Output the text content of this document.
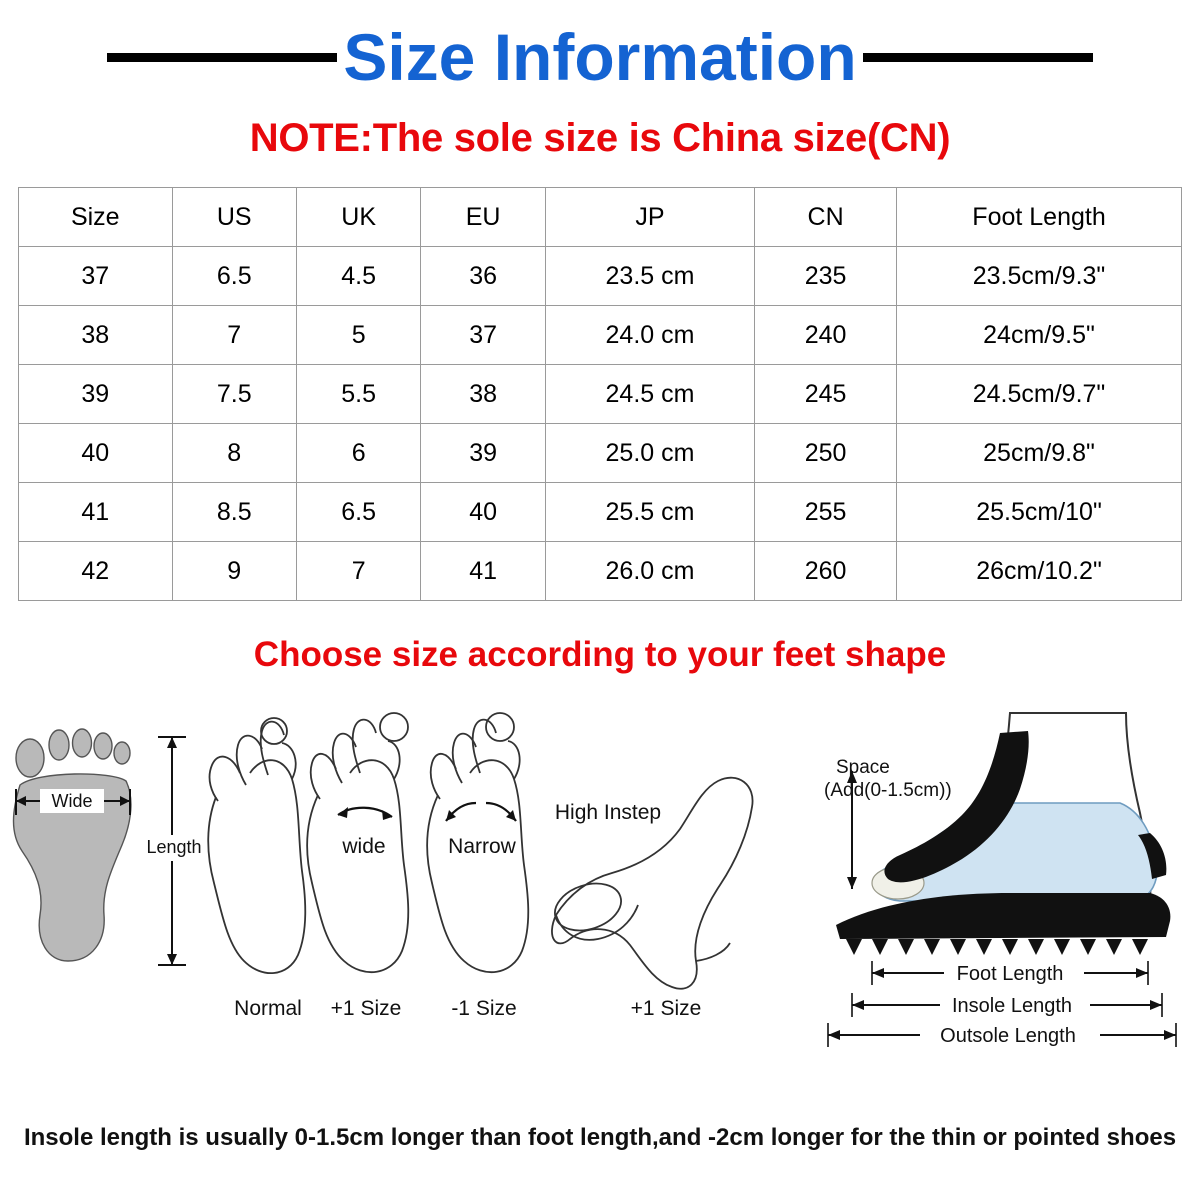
Size Information
NOTE:The sole size is China size(CN)
Size	US	UK	EU	JP	CN	Foot Length
37	6.5	4.5	36	23.5 cm	235	23.5cm/9.3"
38	7	5	37	24.0 cm	240	24cm/9.5"
39	7.5	5.5	38	24.5 cm	245	24.5cm/9.7"
40	8	6	39	25.0 cm	250	25cm/9.8"
41	8.5	6.5	40	25.5 cm	255	25.5cm/10"
42	9	7	41	26.0 cm	260	26cm/10.2"
Choose size according to your feet shape
Wide
Length
Normal
wide
+1 Size
Narrow
-1 Size
High Instep
+1 Size
Space
(Add(0-1.5cm))
Foot Length
Insole Length
Outsole Length
Insole length is usually 0-1.5cm longer than foot length,and -2cm longer for the thin or pointed shoes
